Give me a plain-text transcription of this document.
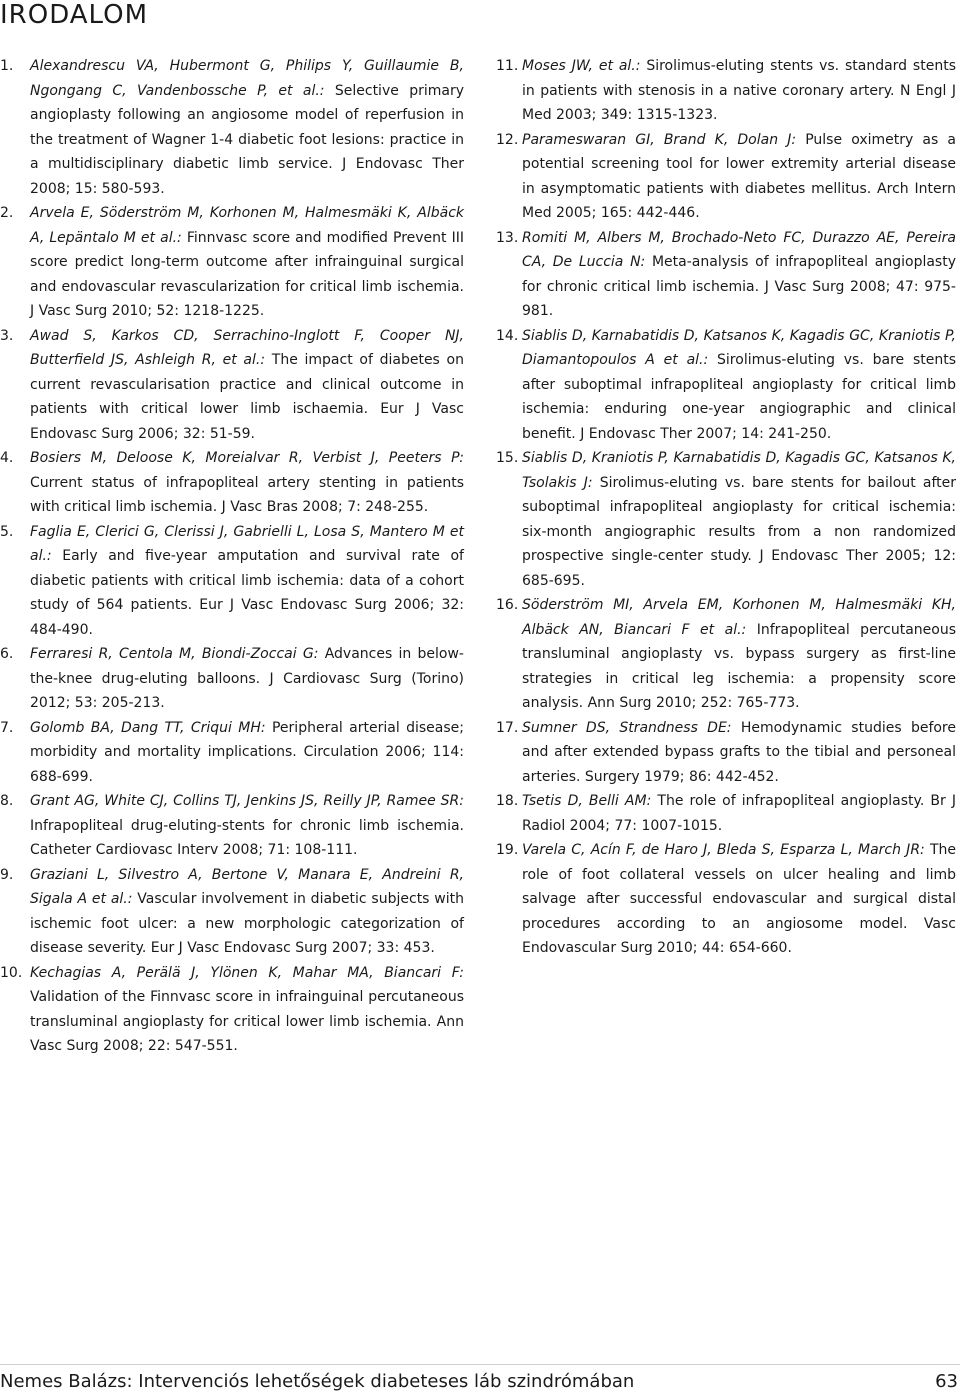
IRODALOM
1.	Alexandrescu VA, Hubermont G, Philips Y, Guillaumie B, Ngongang C, Vandenbossche P, et al.: Selective primary angioplasty following an angiosome model of reperfusion in the treatment of Wagner 1-4 diabetic foot lesions: practice in a multidisciplinary diabetic limb service. J Endovasc Ther 2008; 15: 580-593.
2.	Arvela E, Söderström M, Korhonen M, Halmesmäki K, Albäck A, Lepäntalo M et al.: Finnvasc score and modified Prevent III score predict long-term outcome after infrainguinal surgical and endovascular revascularization for critical limb ischemia. J Vasc Surg 2010; 52: 1218-1225.
3.	Awad S, Karkos CD, Serrachino-Inglott F, Cooper NJ, Butterfield JS, Ashleigh R, et al.: The impact of diabetes on current revascularisation practice and clinical outcome in patients with critical lower limb ischaemia. Eur J Vasc Endovasc Surg 2006; 32: 51-59.
4.	Bosiers M, Deloose K, Moreialvar R, Verbist J, Peeters P: Current status of infrapopliteal artery stenting in patients with critical limb ischemia. J Vasc Bras 2008; 7: 248-255.
5.	Faglia E, Clerici G, Clerissi J, Gabrielli L, Losa S, Mantero M et al.: Early and five-year amputation and survival rate of diabetic patients with critical limb ischemia: data of a cohort study of 564 patients. Eur J Vasc Endovasc Surg 2006; 32: 484-490.
6.	Ferraresi R, Centola M, Biondi-Zoccai G: Advances in below-the-knee drug-eluting balloons. J Cardiovasc Surg (Torino) 2012; 53: 205-213.
7.	Golomb BA, Dang TT, Criqui MH: Peripheral arterial disease; morbidity and mortality implications. Circulation 2006; 114: 688-699.
8.	Grant AG, White CJ, Collins TJ, Jenkins JS, Reilly JP, Ramee SR: Infrapopliteal drug-eluting-stents for chronic limb ischemia. Catheter Cardiovasc Interv 2008; 71: 108-111.
9.	Graziani L, Silvestro A, Bertone V, Manara E, Andreini R, Sigala A et al.: Vascular involvement in diabetic subjects with ischemic foot ulcer: a new morphologic categorization of disease severity. Eur J Vasc Endovasc Surg 2007; 33: 453.
10. Kechagias A, Perälä J, Ylönen K, Mahar MA, Biancari F: Validation of the Finnvasc score in infrainguinal percutaneous transluminal angioplasty for critical lower limb ischemia. Ann Vasc Surg 2008; 22: 547-551.
11. Moses JW, et al.: Sirolimus-eluting stents vs. standard stents in patients with stenosis in a native coronary artery. N Engl J Med 2003; 349: 1315-1323.
12. Parameswaran GI, Brand K, Dolan J: Pulse oximetry as a potential screening tool for lower extremity arterial disease in asymptomatic patients with diabetes mellitus. Arch Intern Med 2005; 165: 442-446.
13. Romiti M, Albers M, Brochado-Neto FC, Durazzo AE, Pereira CA, De Luccia N: Meta-analysis of infrapopliteal angioplasty for chronic critical limb ischemia. J Vasc Surg 2008; 47: 975-981.
14. Siablis D, Karnabatidis D, Katsanos K, Kagadis GC, Kraniotis P, Diamantopoulos A et al.: Sirolimus-eluting vs. bare stents after suboptimal infrapopliteal angioplasty for critical limb ischemia: enduring one-year angiographic and clinical benefit. J Endovasc Ther 2007; 14: 241-250.
15. Siablis D, Kraniotis P, Karnabatidis D, Kagadis GC, Katsanos K, Tsolakis J: Sirolimus-eluting vs. bare stents for bailout after suboptimal infrapopliteal angioplasty for critical ischemia: six-month angiographic results from a non randomized prospective single-center study. J Endovasc Ther 2005; 12: 685-695.
16. Söderström MI, Arvela EM, Korhonen M, Halmesmäki KH, Albäck AN, Biancari F et al.: Infrapopliteal percutaneous transluminal angioplasty vs. bypass surgery as first-line strategies in critical leg ischemia: a propensity score analysis. Ann Surg 2010; 252: 765-773.
17. Sumner DS, Strandness DE: Hemodynamic studies before and after extended bypass grafts to the tibial and personeal arteries. Surgery 1979; 86: 442-452.
18. Tsetis D, Belli AM: The role of infrapopliteal angioplasty. Br J Radiol 2004; 77: 1007-1015.
19. Varela C, Acín F, de Haro J, Bleda S, Esparza L, March JR: The role of foot collateral vessels on ulcer healing and limb salvage after successful endovascular and surgical distal procedures according to an angiosome model. Vasc Endovascular Surg 2010; 44: 654-660.
Nemes Balázs: Intervenciós lehetőségek diabeteses láb szindrómában	63
